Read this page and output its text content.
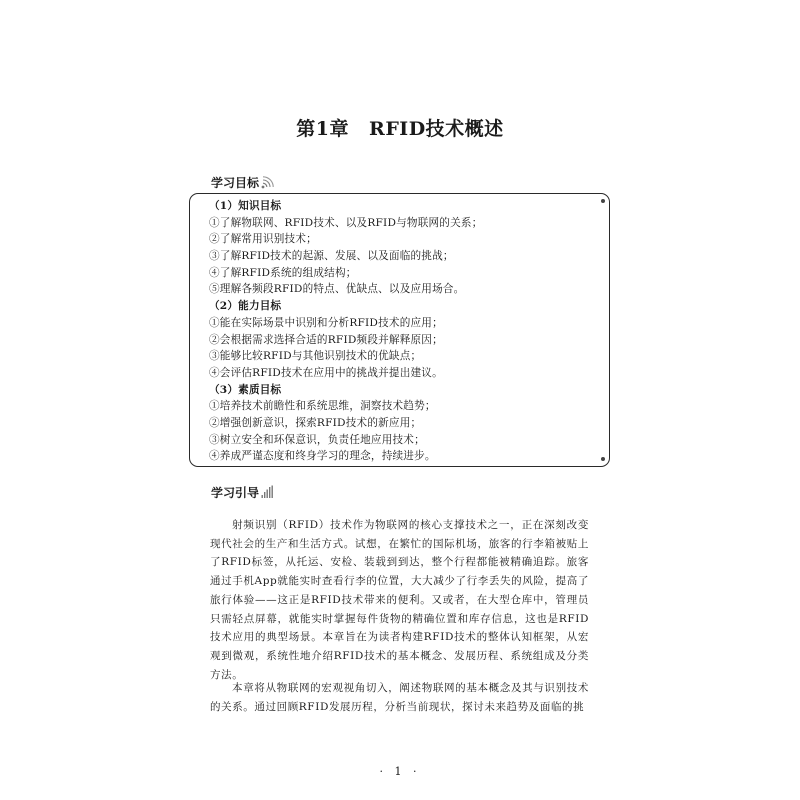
第1章 RFID技术概述
学习目标
（1）知识目标
①了解物联网、RFID技术、以及RFID与物联网的关系；
②了解常用识别技术；
③了解RFID技术的起源、发展、以及面临的挑战；
④了解RFID系统的组成结构；
⑤理解各频段RFID的特点、优缺点、以及应用场合。
（2）能力目标
①能在实际场景中识别和分析RFID技术的应用；
②会根据需求选择合适的RFID频段并解释原因；
③能够比较RFID与其他识别技术的优缺点；
④会评估RFID技术在应用中的挑战并提出建议。
（3）素质目标
①培养技术前瞻性和系统思维，洞察技术趋势；
②增强创新意识，探索RFID技术的新应用；
③树立安全和环保意识，负责任地应用技术；
④养成严谨态度和终身学习的理念，持续进步。
学习引导
射频识别（RFID）技术作为物联网的核心支撑技术之一，正在深刻改变现代社会的生产和生活方式。试想，在繁忙的国际机场，旅客的行李箱被贴上了RFID标签，从托运、安检、装载到到达，整个行程都能被精确追踪。旅客通过手机App就能实时查看行李的位置，大大减少了行李丢失的风险，提高了旅行体验——这正是RFID技术带来的便利。又或者，在大型仓库中，管理员只需轻点屏幕，就能实时掌握每件货物的精确位置和库存信息，这也是RFID技术应用的典型场景。本章旨在为读者构建RFID技术的整体认知框架，从宏观到微观，系统性地介绍RFID技术的基本概念、发展历程、系统组成及分类方法。
本章将从物联网的宏观视角切入，阐述物联网的基本概念及其与识别技术的关系。通过回顾RFID发展历程，分析当前现状，探讨未来趋势及面临的挑
· 1 ·
